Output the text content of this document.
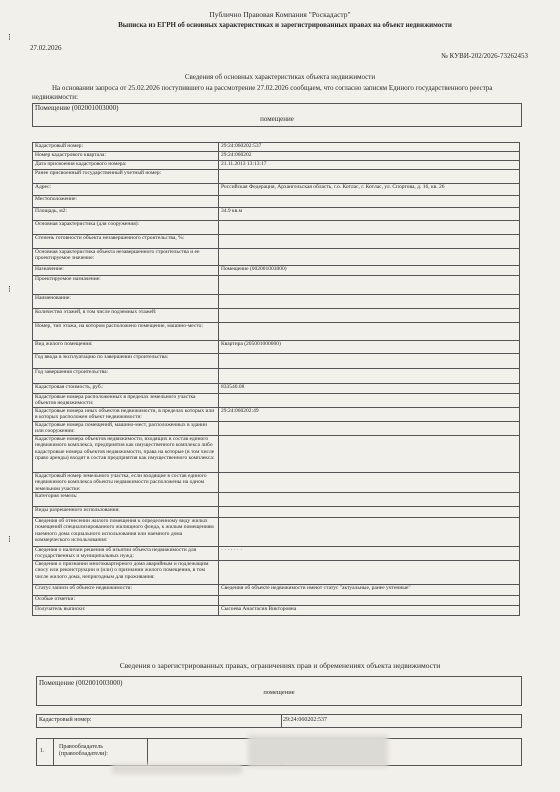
⁝
⁝
⁝
Публично Правовая Компания "Роскадастр"
Выписка из ЕГРН об основных характеристиках и зарегистрированных правах на объект недвижимости
27.02.2026
№ КУВИ-202/2026-73262453
Сведения об основных характеристиках объекта недвижимости
На основании запроса от 25.02.2026 поступившего на рассмотрение 27.02.2026 сообщаем, что согласно записям Единого государственного реестра недвижимости:
Помещение (002001003000)
помещение
Кадастровый номер:	29:24:060202:537
Номер кадастрового квартала:	29:24:060202
Дата присвоения кадастрового номера:	21.11.2013 13:13:17
Ранее присвоенный государственный учетный номер:	
Адрес:	Российская Федерация, Архангельская область, г.о. Котлас, г. Котлас, ул. Спортова, д. 16, кв. 26
Местоположение:	
Площадь, м2:	34.9 кв.м
Основная характеристика (для сооружения):	
Степень готовности объекта незавершенного строительства, %:	
Основная характеристика объекта незавершенного строительства и ее проектируемое значение:	
Назначение:	Помещение (002001003000)
Проектируемое назначение:	
Наименование:	
Количество этажей, в том числе подземных этажей:	
Номер, тип этажа, на котором расположено помещение, машино-место:	
Вид жилого помещения:	Квартира (205001000000)
Год ввода в эксплуатацию по завершении строительства:	
Год завершения строительства:	
Кадастровая стоимость, руб.:	833540.08
Кадастровые номера расположенных в пределах земельного участка объектов недвижимости:	
Кадастровые номера иных объектов недвижимости, в пределах которых или в которых расположен объект недвижимости:	29:24:060202:49
Кадастровые номера помещений, машино-мест, расположенных в здании или сооружении:	
Кадастровые номера объектов недвижимости, входящих в состав единого недвижимого комплекса, предприятия как имущественного комплекса либо кадастровые номера объектов недвижимости, права на которые (в том числе право аренды) входят в состав предприятия как имущественного комплекса:	
Кадастровый номер земельного участка, если входящие в состав единого недвижимого комплекса объекты недвижимости расположены на одном земельном участке:	
Категория земель:	
Виды разрешенного использования:	
Сведения об отнесении жилого помещения к определенному виду жилых помещений специализированного жилищного фонда, к жилым помещениям наемного дома социального использования или наемного дома коммерческого использования:	
Сведения о наличии решения об изъятии объекта недвижимости для государственных и муниципальных нужд:	· · · · · · ·
Сведения о признании многоквартирного дома аварийным и подлежащим сносу или реконструкции и (или) о признании жилого помещения, в том числе жилого дома, непригодным для проживания:	
Статус записи об объекте недвижимости:	Сведения об объекте недвижимости имеют статус "актуальные, ранее учтенные"
Особые отметки:	
Получатель выписки:	Сысоева Анастасия Викторовна
Сведения о зарегистрированных правах, ограничениях прав и обременениях объекта недвижимости
Помещение (002001003000)
помещение
Кадастровый номер:	29:24:060202:537
1.
Правообладатель (правообладатели):
